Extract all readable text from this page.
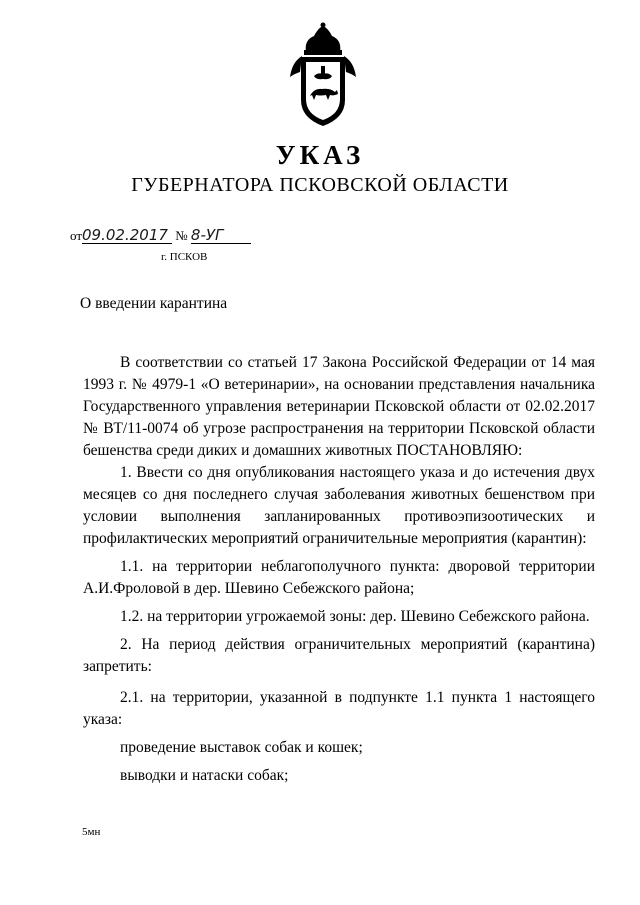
УКАЗ
ГУБЕРНАТОРА ПСКОВСКОЙ ОБЛАСТИ
от09.02.2017 № 8-УГ
г. ПСКОВ
О введении карантина

В соответствии со статьей 17 Закона Российской Федерации от 14 мая 1993 г. № 4979-1 «О ветеринарии», на основании представления начальника Государственного управления ветеринарии Псковской области от 02.02.2017 № ВТ/11-0074 об угрозе распространения на территории Псковской области бешенства среди диких и домашних животных ПОСТАНОВЛЯЮ:

1. Ввести со дня опубликования настоящего указа и до истечения двух месяцев со дня последнего случая заболевания животных бешенством при условии выполнения запланированных противоэпизоотических и профилактических мероприятий ограничительные мероприятия (карантин):

1.1. на территории неблагополучного пункта: дворовой территории А.И.Фроловой в дер. Шевино Себежского района;

1.2. на территории угрожаемой зоны: дер. Шевино Себежского района.

2. На период действия ограничительных мероприятий (карантина) запретить:

2.1. на территории, указанной в подпункте 1.1 пункта 1 настоящего указа:

проведение выставок собак и кошек;

выводки и натаски собак;

5мн
